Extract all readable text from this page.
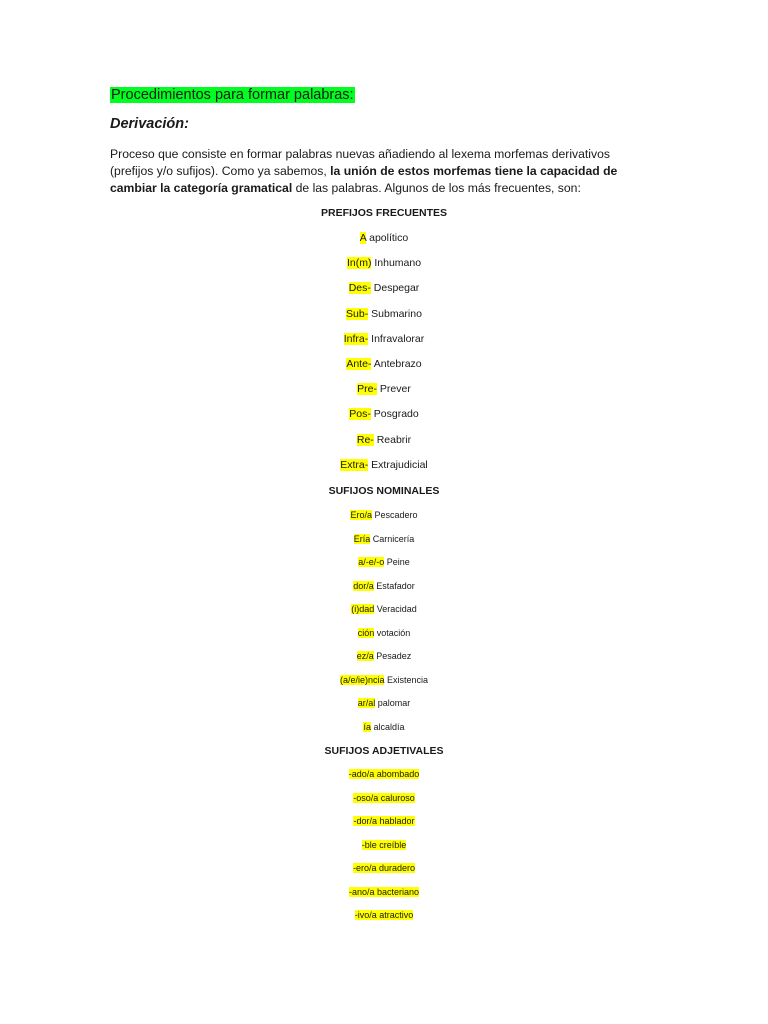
Procedimientos para formar palabras:
Derivación:
Proceso que consiste en formar palabras nuevas añadiendo al lexema morfemas derivativos (prefijos y/o sufijos). Como ya sabemos, la unión de estos morfemas tiene la capacidad de cambiar la categoría gramatical de las palabras. Algunos de los más frecuentes, son:
PREFIJOS FRECUENTES
A apolítico
In(m) Inhumano
Des- Despegar
Sub- Submarino
Infra- Infravalorar
Ante- Antebrazo
Pre- Prever
Pos- Posgrado
Re- Reabrir
Extra- Extrajudicial
SUFIJOS NOMINALES
Ero/a Pescadero
Ería Carnicería
a/-e/-o Peine
dor/a Estafador
(i)dad Veracidad
ción votación
ez/a Pesadez
(a/e/ie)ncia Existencia
ar/al palomar
ía alcaldía
SUFIJOS ADJETIVALES
-ado/a abombado
-oso/a caluroso
-dor/a hablador
-ble creíble
-ero/a duradero
-ano/a bacteriano
-ivo/a atractivo
